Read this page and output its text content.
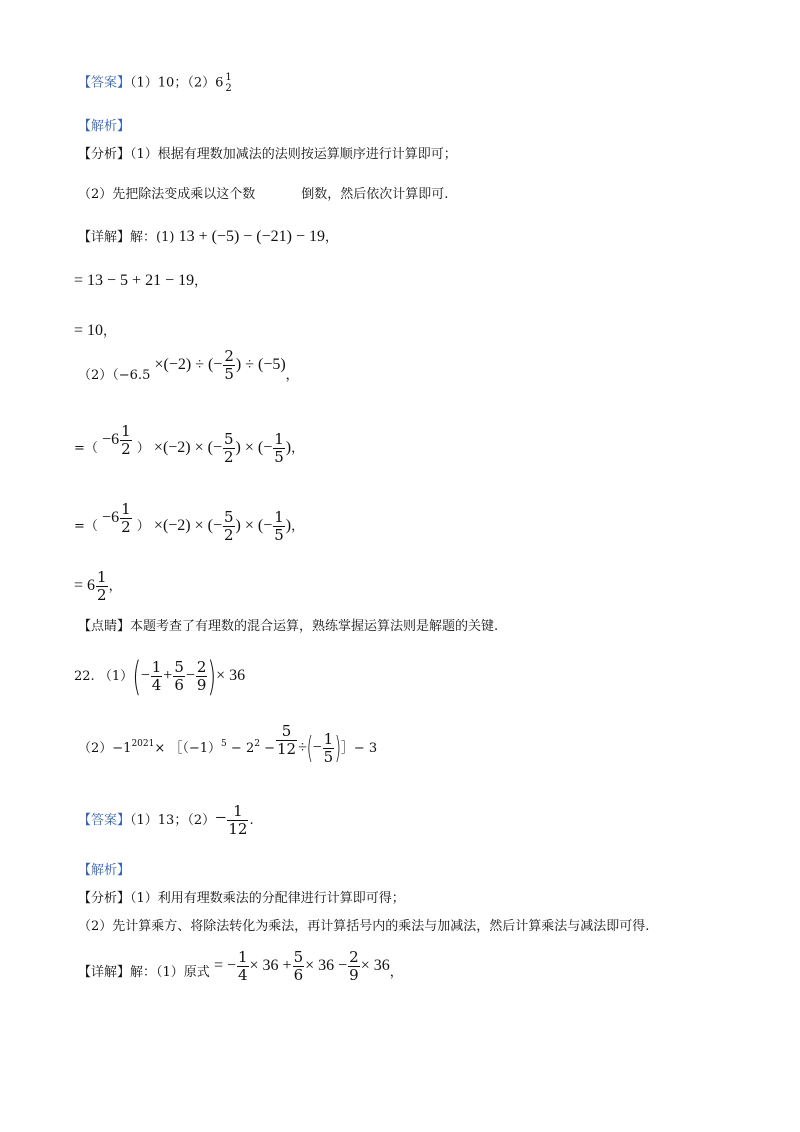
【答案】（1）10；（2）6 1
2
【解析】
【分析】（1）根据有理数加减法的法则按运算顺序进行计算即可；
（2）先把除法变成乘以这个数	倒数，然后依次计算即可.
【详解】解：(1) 13 + (−5) − (−21) − 19，
= 13 − 5 + 21 − 19，
= 10，
（2）（−6.5 ×(−2) ÷ (− $\frac{2}{5}$ ) ÷ (−5)，
=（ $-6 \frac{1}{2}$ ） ×(−2) × (− $\frac{5}{2}$ ) × (− $\frac{1}{5}$ )，
=（ $-6 \frac{1}{2}$ ） ×(−2) × (− $\frac{5}{2}$ ) × (− $\frac{1}{5}$ )，
= $6 \frac{1}{2}$ ，
【点睛】本题考查了有理数的混合运算，熟练掌握运算法则是解题的关键.
22. $(1)(- \frac{1}{4} + \frac{5}{6} - \frac{2}{9}$ )× 36
$(2)-1^{2021}\times$ $[(-1)^5 - 2^2 - \frac{5}{12}$ ÷(− $\frac{1}{5}$ )］− 3
【答案】（1）13；$(2)- \frac{1}{12}$ .
【解析】
【分析】（1）利用有理数乘法的分配律进行计算即可得；
（2）先计算乘方、将除法转化为乘法，再计算括号内的乘法与加减法，然后计算乘法与减法即可得.
【详解】解：（1）原式 = − $\frac{1}{4} \times 36 + \frac{5}{6} \times 36 - \frac{2}{9} \times 36$，
